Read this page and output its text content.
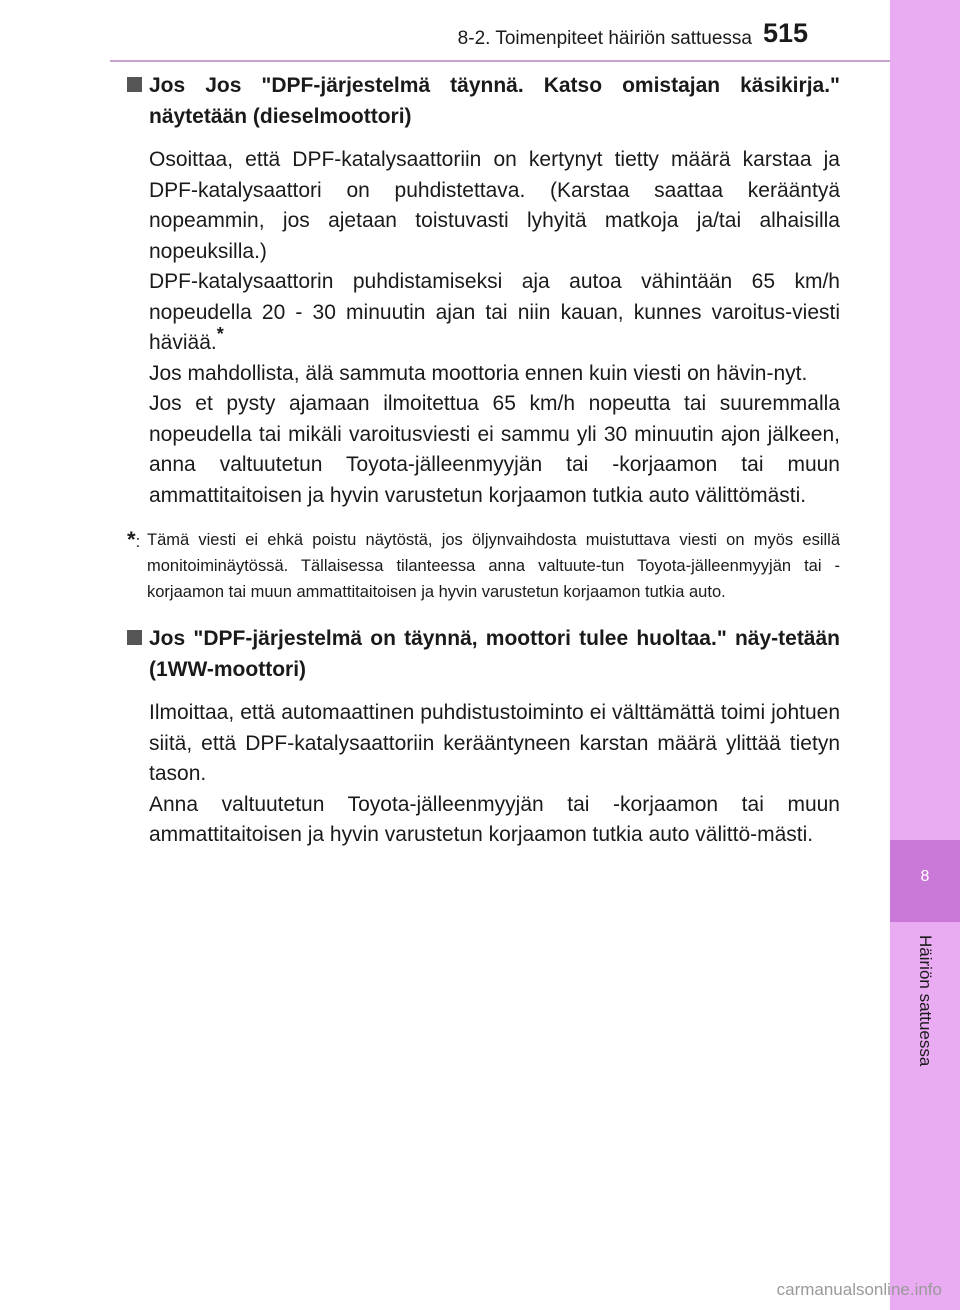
8-2. Toimenpiteet häiriön sattuessa 515
8
Häiriön sattuessa
Jos Jos "DPF-järjestelmä täynnä. Katso omistajan käsikirja." näytetään (dieselmoottori)

Osoittaa, että DPF-katalysaattoriin on kertynyt tietty määrä karstaa ja DPF-katalysaattori on puhdistettava. (Karstaa saattaa kerääntyä nopeammin, jos ajetaan toistuvasti lyhyitä matkoja ja/tai alhaisilla nopeuksilla.)

DPF-katalysaattorin puhdistamiseksi aja autoa vähintään 65 km/h nopeudella 20 - 30 minuutin ajan tai niin kauan, kunnes varoitus-viesti häviää.*

Jos mahdollista, älä sammuta moottoria ennen kuin viesti on hävin-nyt.

Jos et pysty ajamaan ilmoitettua 65 km/h nopeutta tai suuremmalla nopeudella tai mikäli varoitusviesti ei sammu yli 30 minuutin ajon jälkeen, anna valtuutetun Toyota-jälleenmyyjän tai -korjaamon tai muun ammattitaitoisen ja hyvin varustetun korjaamon tutkia auto välittömästi.

*: Tämä viesti ei ehkä poistu näytöstä, jos öljynvaihdosta muistuttava viesti on myös esillä monitoiminäytössä. Tällaisessa tilanteessa anna valtuute-tun Toyota-jälleenmyyjän tai -korjaamon tai muun ammattitaitoisen ja hyvin varustetun korjaamon tutkia auto.
Jos "DPF-järjestelmä on täynnä, moottori tulee huoltaa." näy-tetään (1WW-moottori)

Ilmoittaa, että automaattinen puhdistustoiminto ei välttämättä toimi johtuen siitä, että DPF-katalysaattoriin kerääntyneen karstan määrä ylittää tietyn tason.

Anna valtuutetun Toyota-jälleenmyyjän tai -korjaamon tai muun ammattitaitoisen ja hyvin varustetun korjaamon tutkia auto välittö-mästi.

carmanualsonline.info
